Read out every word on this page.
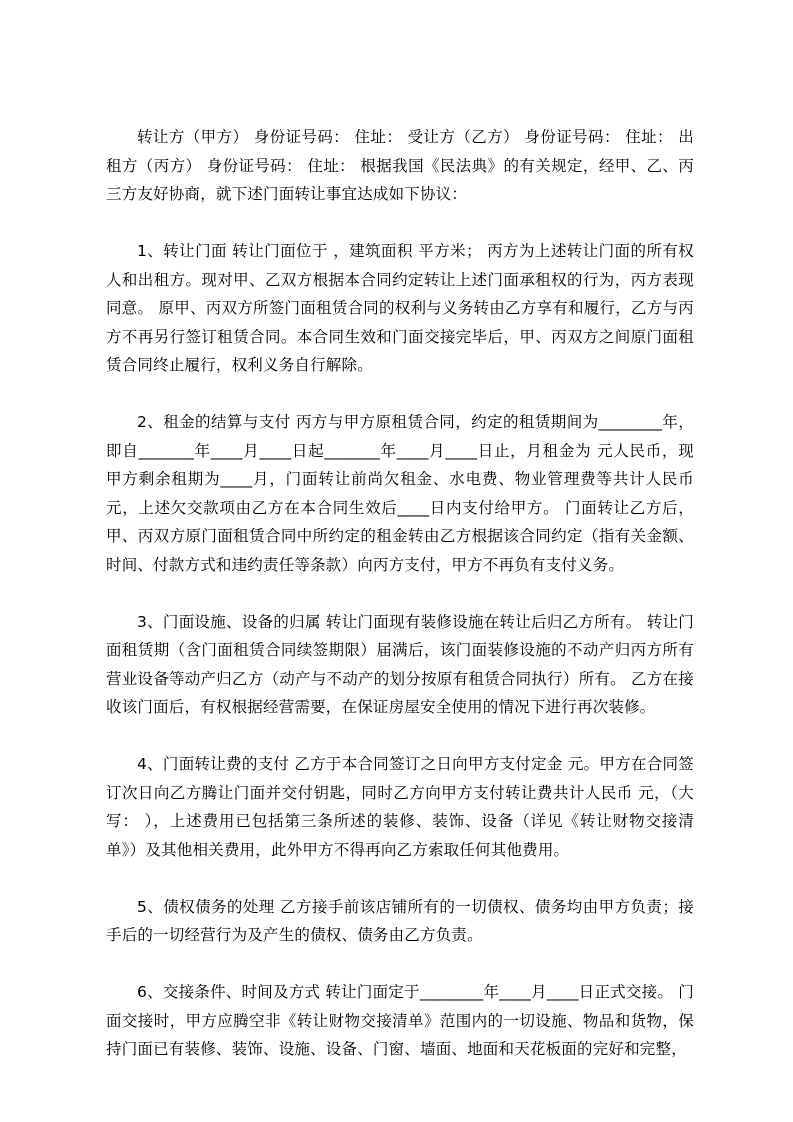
转让方（甲方） 身份证号码： 住址： 受让方（乙方） 身份证号码： 住址： 出租方（丙方） 身份证号码： 住址： 根据我国《民法典》的有关规定，经甲、乙、丙三方友好协商，就下述门面转让事宜达成如下协议：

1、转让门面 转让门面位于 ，建筑面积 平方米； 丙方为上述转让门面的所有权人和出租方。现对甲、乙双方根据本合同约定转让上述门面承租权的行为，丙方表现同意。 原甲、丙双方所签门面租赁合同的权利与义务转由乙方享有和履行，乙方与丙方不再另行签订租赁合同。本合同生效和门面交接完毕后，甲、丙双方之间原门面租赁合同终止履行，权利义务自行解除。

2、租金的结算与支付 丙方与甲方原租赁合同，约定的租赁期间为________年，即自_______年____月____日起_______年____月____日止，月租金为 元人民币，现甲方剩余租期为____月，门面转让前尚欠租金、水电费、物业管理费等共计人民币 元，上述欠交款项由乙方在本合同生效后____日内支付给甲方。 门面转让乙方后，甲、丙双方原门面租赁合同中所约定的租金转由乙方根据该合同约定（指有关金额、时间、付款方式和违约责任等条款）向丙方支付，甲方不再负有支付义务。

3、门面设施、设备的归属 转让门面现有装修设施在转让后归乙方所有。 转让门面租赁期（含门面租赁合同续签期限）届满后，该门面装修设施的不动产归丙方所有营业设备等动产归乙方（动产与不动产的划分按原有租赁合同执行）所有。 乙方在接收该门面后，有权根据经营需要，在保证房屋安全使用的情况下进行再次装修。

4、门面转让费的支付 乙方于本合同签订之日向甲方支付定金 元。甲方在合同签订次日向乙方腾让门面并交付钥匙，同时乙方向甲方支付转让费共计人民币 元，（大写： ），上述费用已包括第三条所述的装修、装饰、设备（详见《转让财物交接清单》）及其他相关费用，此外甲方不得再向乙方索取任何其他费用。

5、债权债务的处理 乙方接手前该店铺所有的一切债权、债务均由甲方负责；接手后的一切经营行为及产生的债权、债务由乙方负责。

6、交接条件、时间及方式 转让门面定于________年____月____日正式交接。 门面交接时，甲方应腾空非《转让财物交接清单》范围内的一切设施、物品和货物，保持门面已有装修、装饰、设施、设备、门窗、墙面、地面和天花板面的完好和完整，
